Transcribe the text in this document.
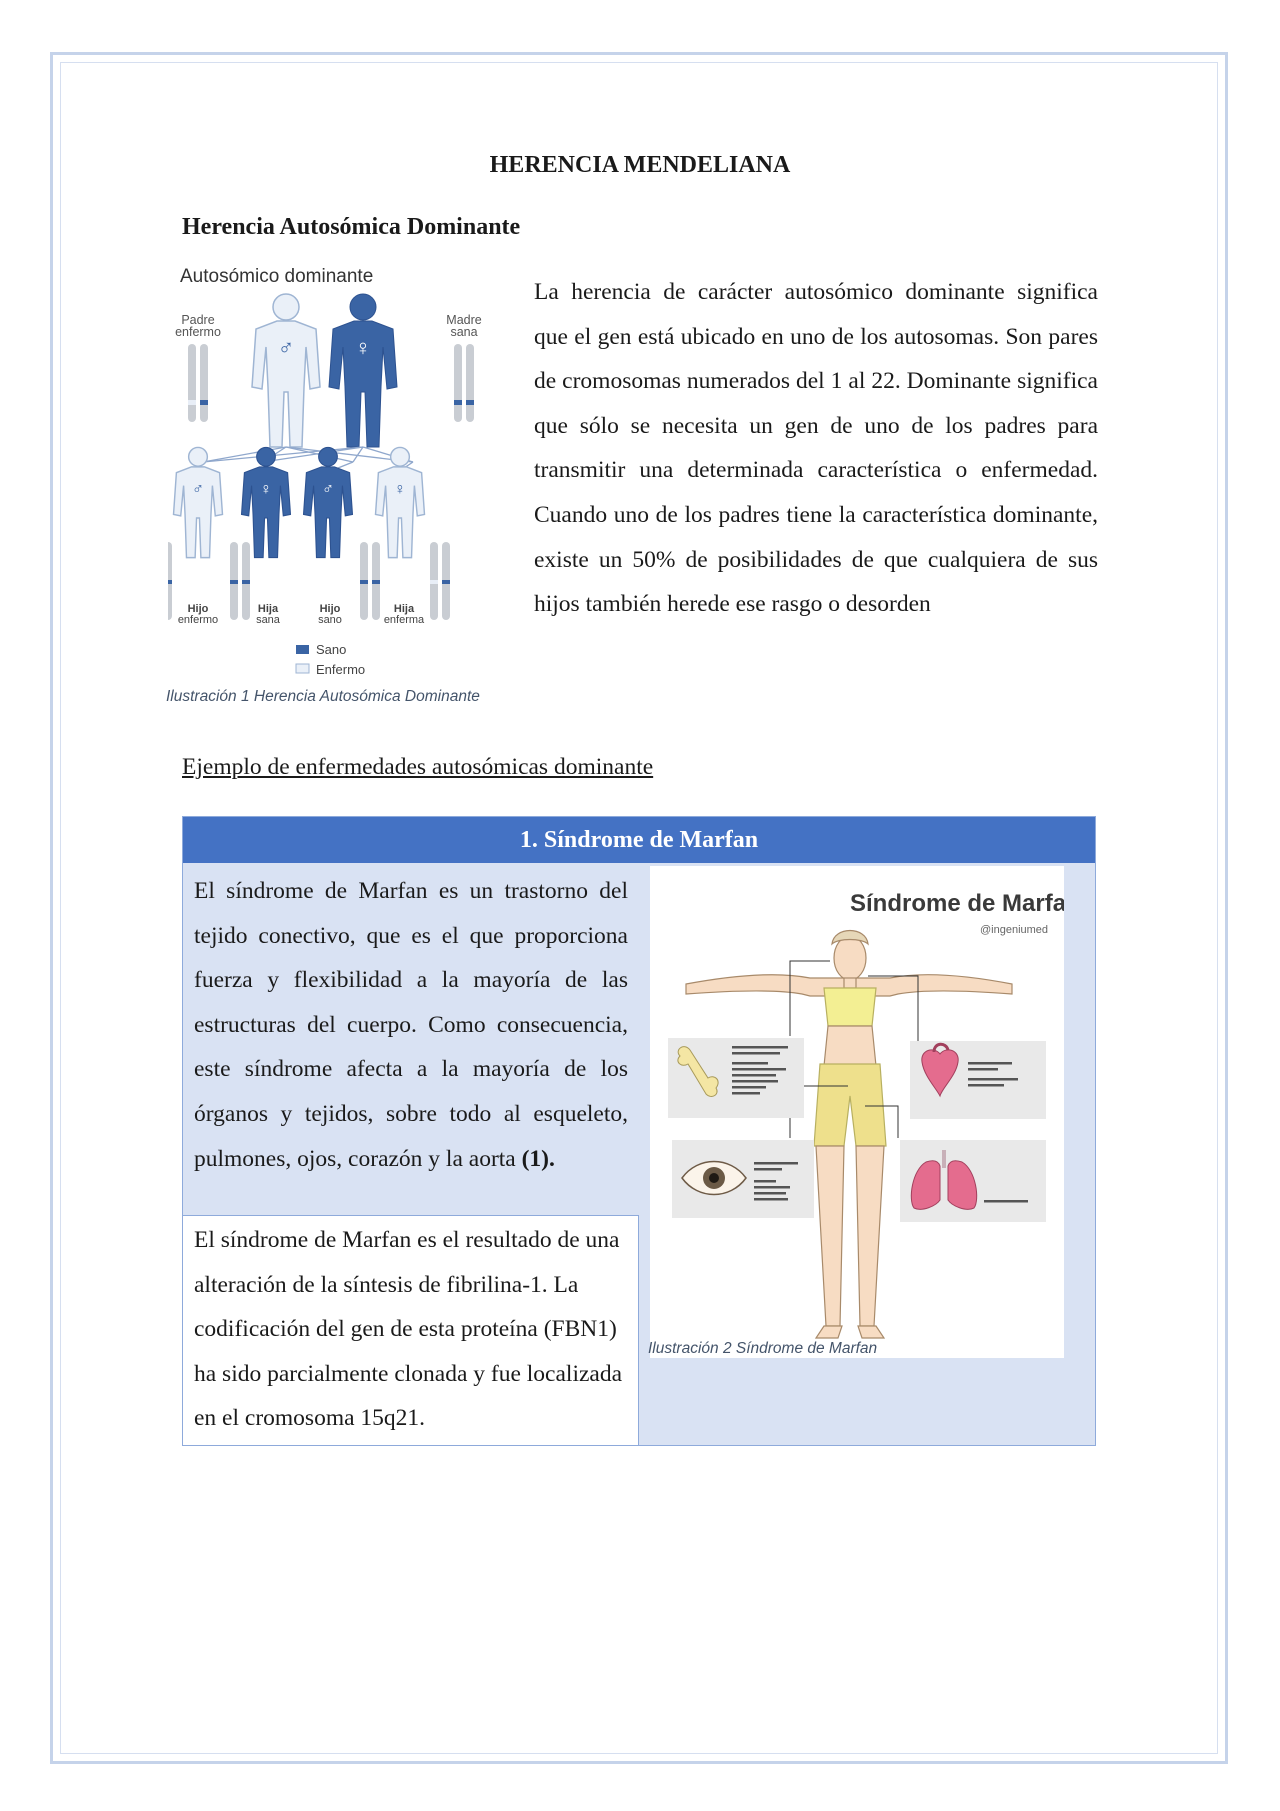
HERENCIA MENDELIANA
Herencia Autosómica Dominante
Autosómico dominante
Padre
enfermo
Madre
sana
♂	♀
♂	♀	♂	♀
Hijo
enfermo
Hija
sana
Hijo
sano
Hija
enferma
Sano
Enfermo
Ilustración 1 Herencia Autosómica Dominante

La herencia de carácter autosómico dominante significa que el gen está ubicado en uno de los autosomas. Son pares de cromosomas numerados del 1 al 22. Dominante significa que sólo se necesita un gen de uno de los padres para transmitir una determinada característica o enfermedad. Cuando uno de los padres tiene la característica dominante, existe un 50% de posibilidades de que cualquiera de sus hijos también herede ese rasgo o desorden

Ejemplo de enfermedades autosómicas dominante
1. Síndrome de Marfan
El síndrome de Marfan es un trastorno del tejido conectivo, que es el que proporciona fuerza y flexibilidad a la mayoría de las estructuras del cuerpo. Como consecuencia, este síndrome afecta a la mayoría de los órganos y tejidos, sobre todo al esqueleto, pulmones, ojos, corazón y la aorta (1).
El síndrome de Marfan es el resultado de una alteración de la síntesis de fibrilina-1. La codificación del gen de esta proteína (FBN1) ha sido parcialmente clonada y fue localizada en el cromosoma 15q21.
Síndrome de Marfan
@ingeniumed
Ilustración 2 Síndrome de Marfan
